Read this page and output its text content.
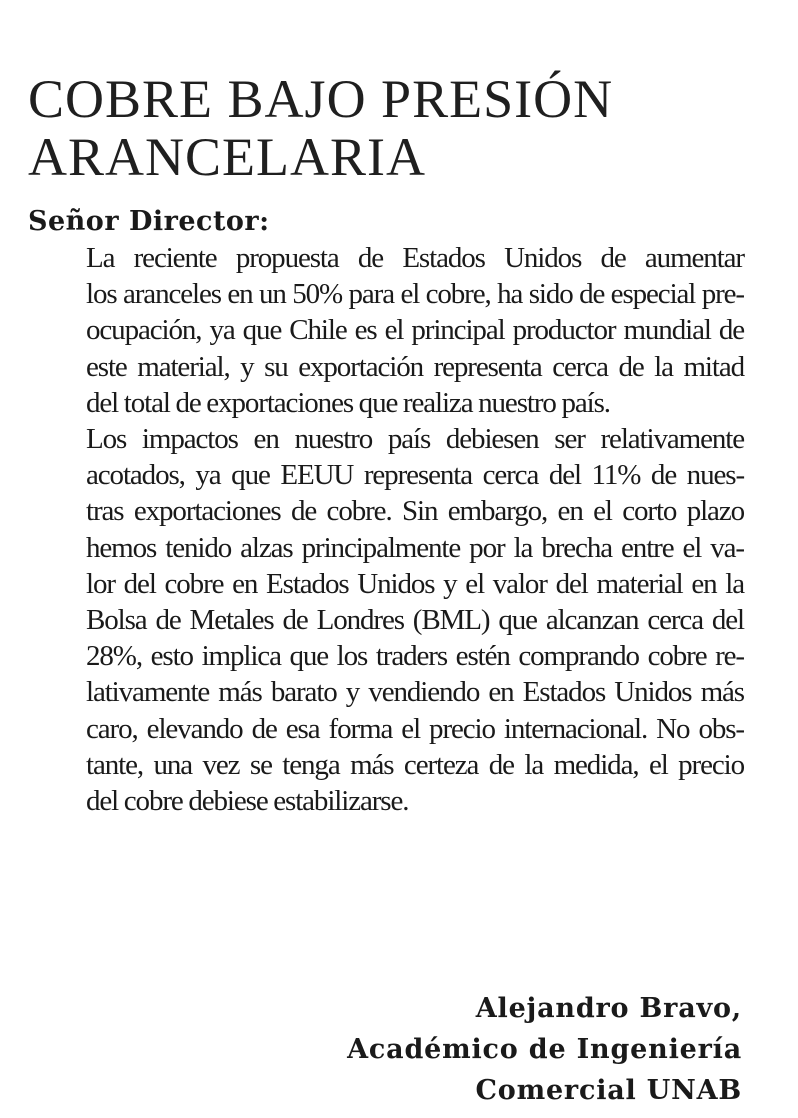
COBRE BAJO PRESIÓN
ARANCELARIA
Señor Director:

La reciente propuesta de Estados Unidos de aumentar
los aranceles en un 50% para el cobre, ha sido de especial pre-
ocupación, ya que Chile es el principal productor mundial de
este material, y su exportación representa cerca de la mitad
del total de exportaciones que realiza nuestro país.

Los impactos en nuestro país debiesen ser relativamente
acotados, ya que EEUU representa cerca del 11% de nues-
tras exportaciones de cobre. Sin embargo, en el corto plazo
hemos tenido alzas principalmente por la brecha entre el va-
lor del cobre en Estados Unidos y el valor del material en la
Bolsa de Metales de Londres (BML) que alcanzan cerca del
28%, esto implica que los traders estén comprando cobre re-
lativamente más barato y vendiendo en Estados Unidos más
caro, elevando de esa forma el precio internacional. No obs-
tante, una vez se tenga más certeza de la medida, el precio
del cobre debiese estabilizarse.

Alejandro Bravo,
Académico de Ingeniería
Comercial UNAB
